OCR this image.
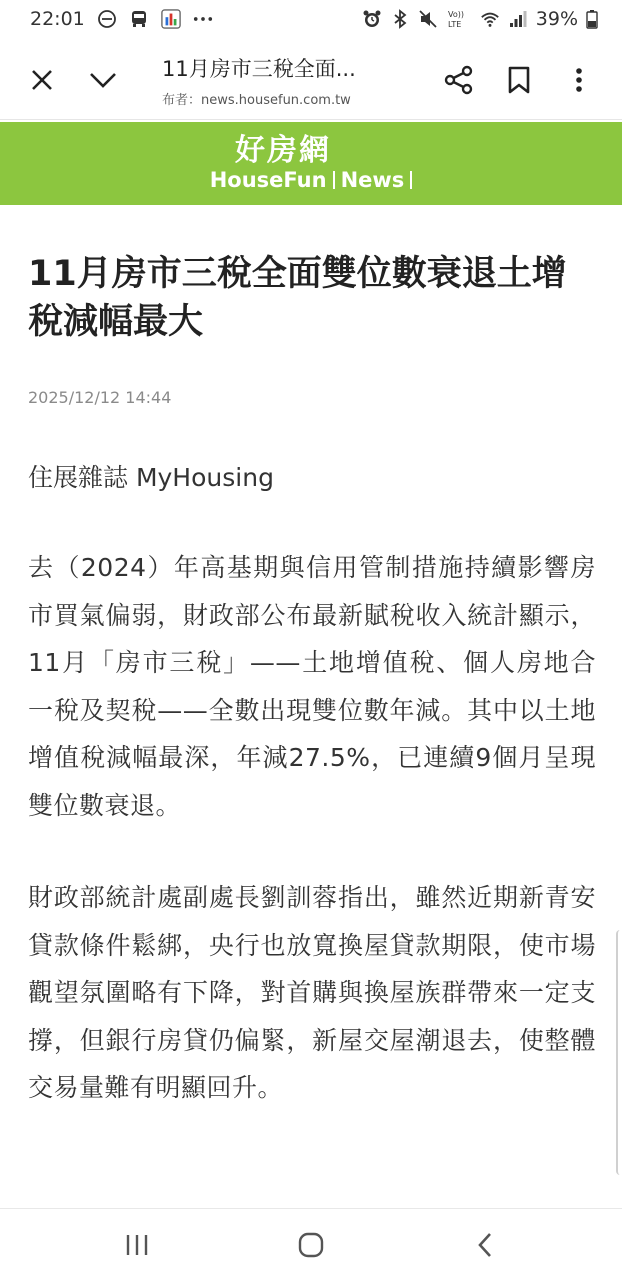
22:01	Vo))
LTE	39%
11月房市三稅全面...
布者：news.housefun.com.tw
好房網
HouseFun News
11月房市三稅全面雙位數衰退土增稅減幅最大
2025/12/12 14:44
住展雜誌 MyHousing

去（2024）年高基期與信用管制措施持續影響房市買氣偏弱，財政部公布最新賦稅收入統計顯示，11月「房市三稅」——土地增值稅、個人房地合一稅及契稅——全數出現雙位數年減。其中以土地增值稅減幅最深，年減27.5%，已連續9個月呈現雙位數衰退。

財政部統計處副處長劉訓蓉指出，雖然近期新青安貸款條件鬆綁，央行也放寬換屋貸款期限，使市場觀望氛圍略有下降，對首購與換屋族群帶來一定支撐，但銀行房貸仍偏緊，新屋交屋潮退去，使整體交易量難有明顯回升。
